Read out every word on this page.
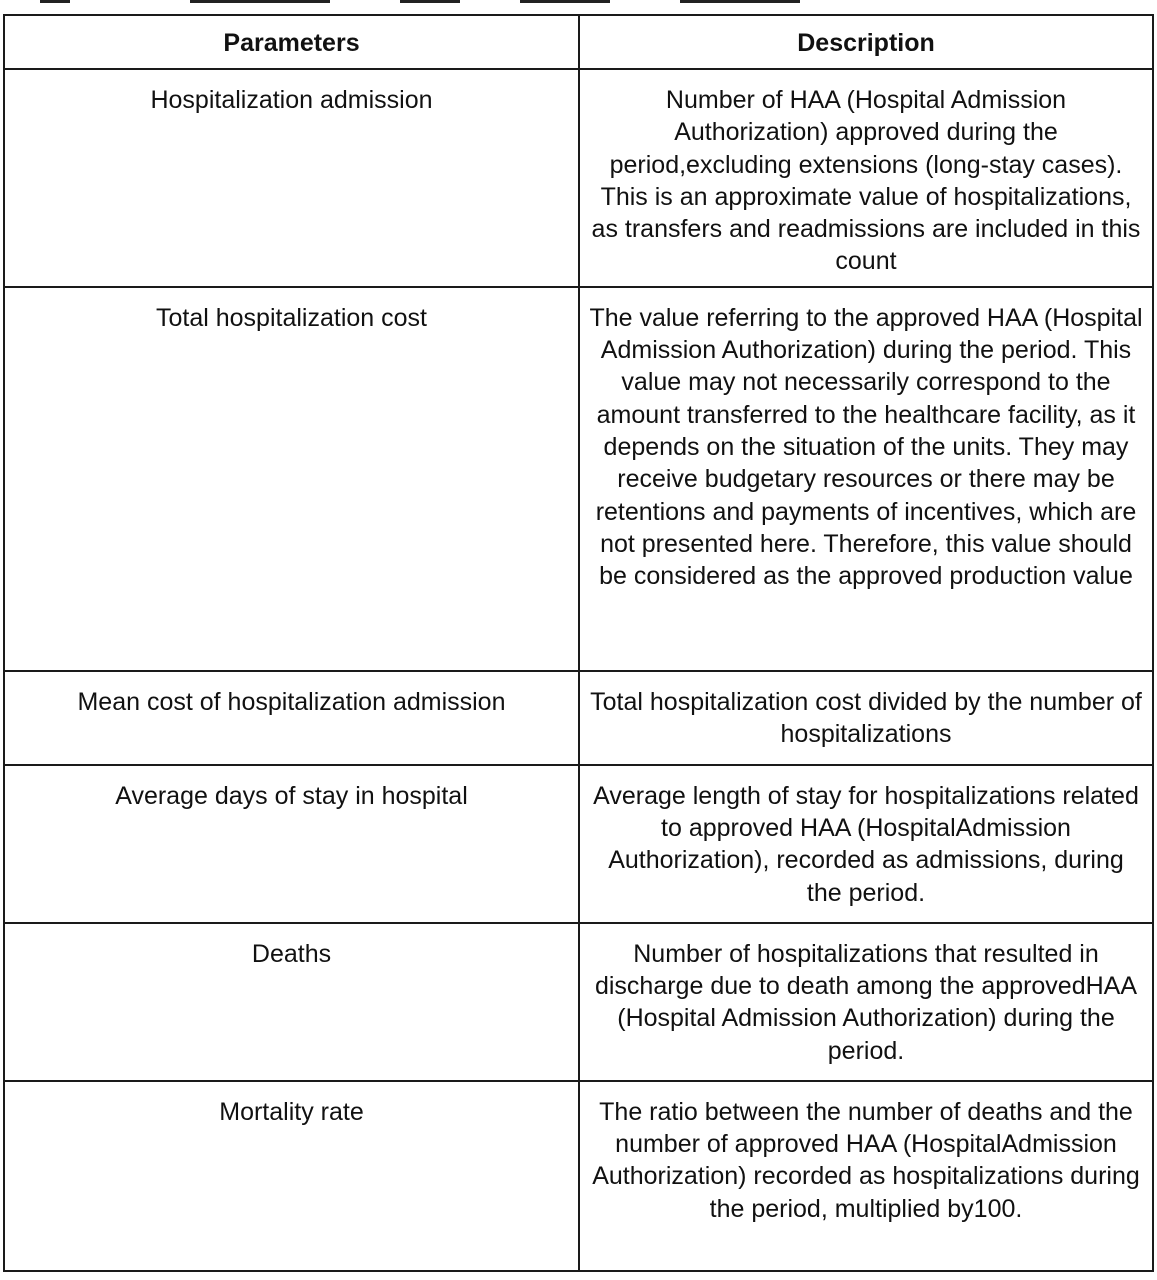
Parameters	Description
Hospitalization admission	Number of HAA (Hospital Admission Authorization) approved during the period,excluding extensions (long-stay cases). This is an approximate value of hospitalizations, as transfers and readmissions are included in this count
Total hospitalization cost	The value referring to the approved HAA (Hospital Admission Authorization) during the period. This value may not necessarily correspond to the amount transferred to the healthcare facility, as it depends on the situation of the units. They may receive budgetary resources or there may be retentions and payments of incentives, which are not presented here. Therefore, this value should be considered as the approved production value
Mean cost of hospitalization admission	Total hospitalization cost divided by the number of hospitalizations
Average days of stay in hospital	Average length of stay for hospitalizations related to approved HAA (HospitalAdmission Authorization), recorded as admissions, during the period.
Deaths	Number of hospitalizations that resulted in discharge due to death among the approvedHAA (Hospital Admission Authorization) during the period.
Mortality rate	The ratio between the number of deaths and the number of approved HAA (HospitalAdmission Authorization) recorded as hospitalizations during the period, multiplied by100.
